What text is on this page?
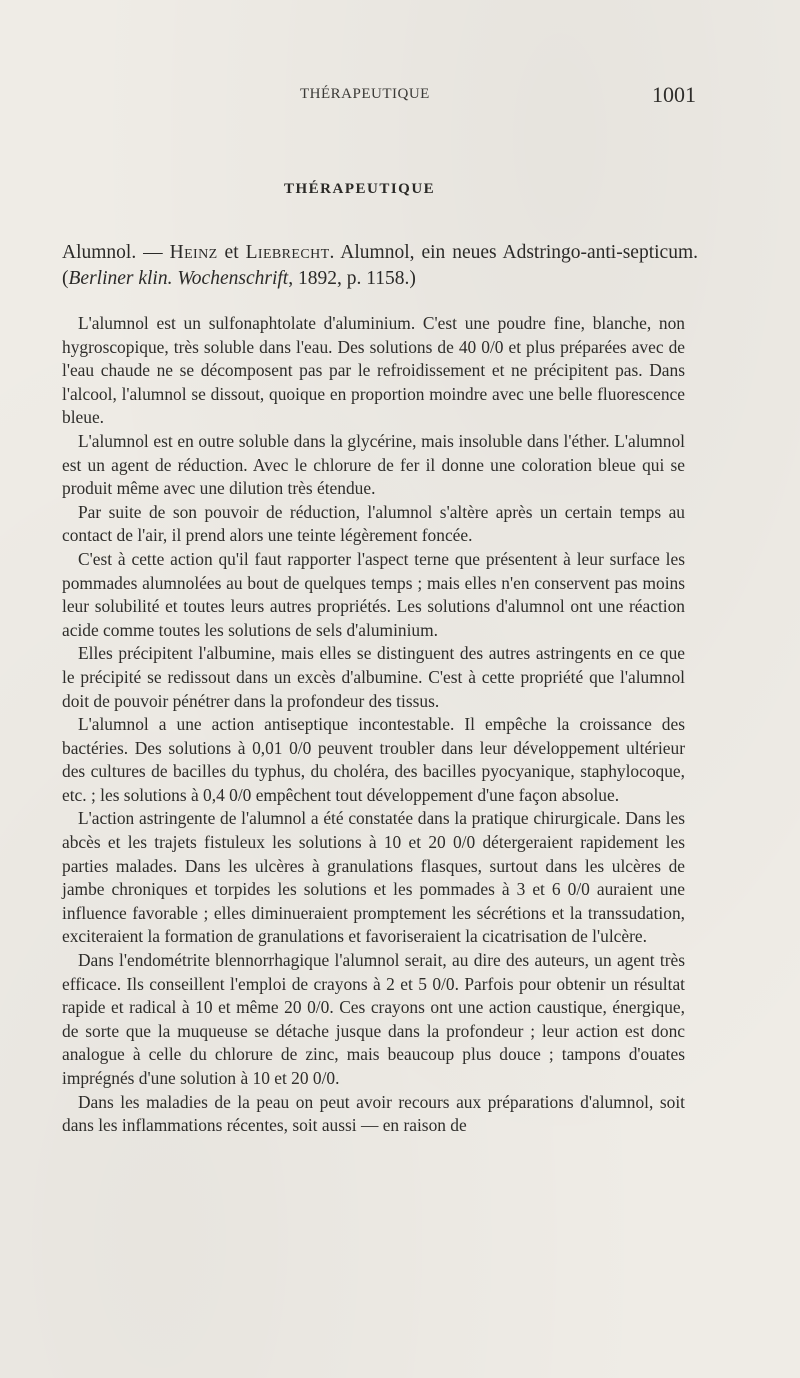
THÉRAPEUTIQUE	1001
THÉRAPEUTIQUE
Alumnol. — Heinz et Liebrecht. Alumnol, ein neues Adstringo-anti-septicum. (Berliner klin. Wochenschrift, 1892, p. 1158.)

L'alumnol est un sulfonaphtolate d'aluminium. C'est une poudre fine, blanche, non hygroscopique, très soluble dans l'eau. Des solutions de 40 0/0 et plus préparées avec de l'eau chaude ne se décomposent pas par le refroidissement et ne précipitent pas. Dans l'alcool, l'alumnol se dissout, quoique en proportion moindre avec une belle fluorescence bleue.

L'alumnol est en outre soluble dans la glycérine, mais insoluble dans l'éther. L'alumnol est un agent de réduction. Avec le chlorure de fer il donne une coloration bleue qui se produit même avec une dilution très étendue.

Par suite de son pouvoir de réduction, l'alumnol s'altère après un certain temps au contact de l'air, il prend alors une teinte légèrement foncée.

C'est à cette action qu'il faut rapporter l'aspect terne que présentent à leur surface les pommades alumnolées au bout de quelques temps ; mais elles n'en conservent pas moins leur solubilité et toutes leurs autres propriétés. Les solutions d'alumnol ont une réaction acide comme toutes les solutions de sels d'aluminium.

Elles précipitent l'albumine, mais elles se distinguent des autres astringents en ce que le précipité se redissout dans un excès d'albumine. C'est à cette propriété que l'alumnol doit de pouvoir pénétrer dans la profondeur des tissus.

L'alumnol a une action antiseptique incontestable. Il empêche la croissance des bactéries. Des solutions à 0,01 0/0 peuvent troubler dans leur développement ultérieur des cultures de bacilles du typhus, du choléra, des bacilles pyocyanique, staphylocoque, etc. ; les solutions à 0,4 0/0 empêchent tout développement d'une façon absolue.

L'action astringente de l'alumnol a été constatée dans la pratique chirurgicale. Dans les abcès et les trajets fistuleux les solutions à 10 et 20 0/0 détergeraient rapidement les parties malades. Dans les ulcères à granulations flasques, surtout dans les ulcères de jambe chroniques et torpides les solutions et les pommades à 3 et 6 0/0 auraient une influence favorable ; elles diminueraient promptement les sécrétions et la transsudation, exciteraient la formation de granulations et favoriseraient la cicatrisation de l'ulcère.

Dans l'endométrite blennorrhagique l'alumnol serait, au dire des auteurs, un agent très efficace. Ils conseillent l'emploi de crayons à 2 et 5 0/0. Parfois pour obtenir un résultat rapide et radical à 10 et même 20 0/0. Ces crayons ont une action caustique, énergique, de sorte que la muqueuse se détache jusque dans la profondeur ; leur action est donc analogue à celle du chlorure de zinc, mais beaucoup plus douce ; tampons d'ouates imprégnés d'une solution à 10 et 20 0/0.

Dans les maladies de la peau on peut avoir recours aux préparations d'alumnol, soit dans les inflammations récentes, soit aussi — en raison de
